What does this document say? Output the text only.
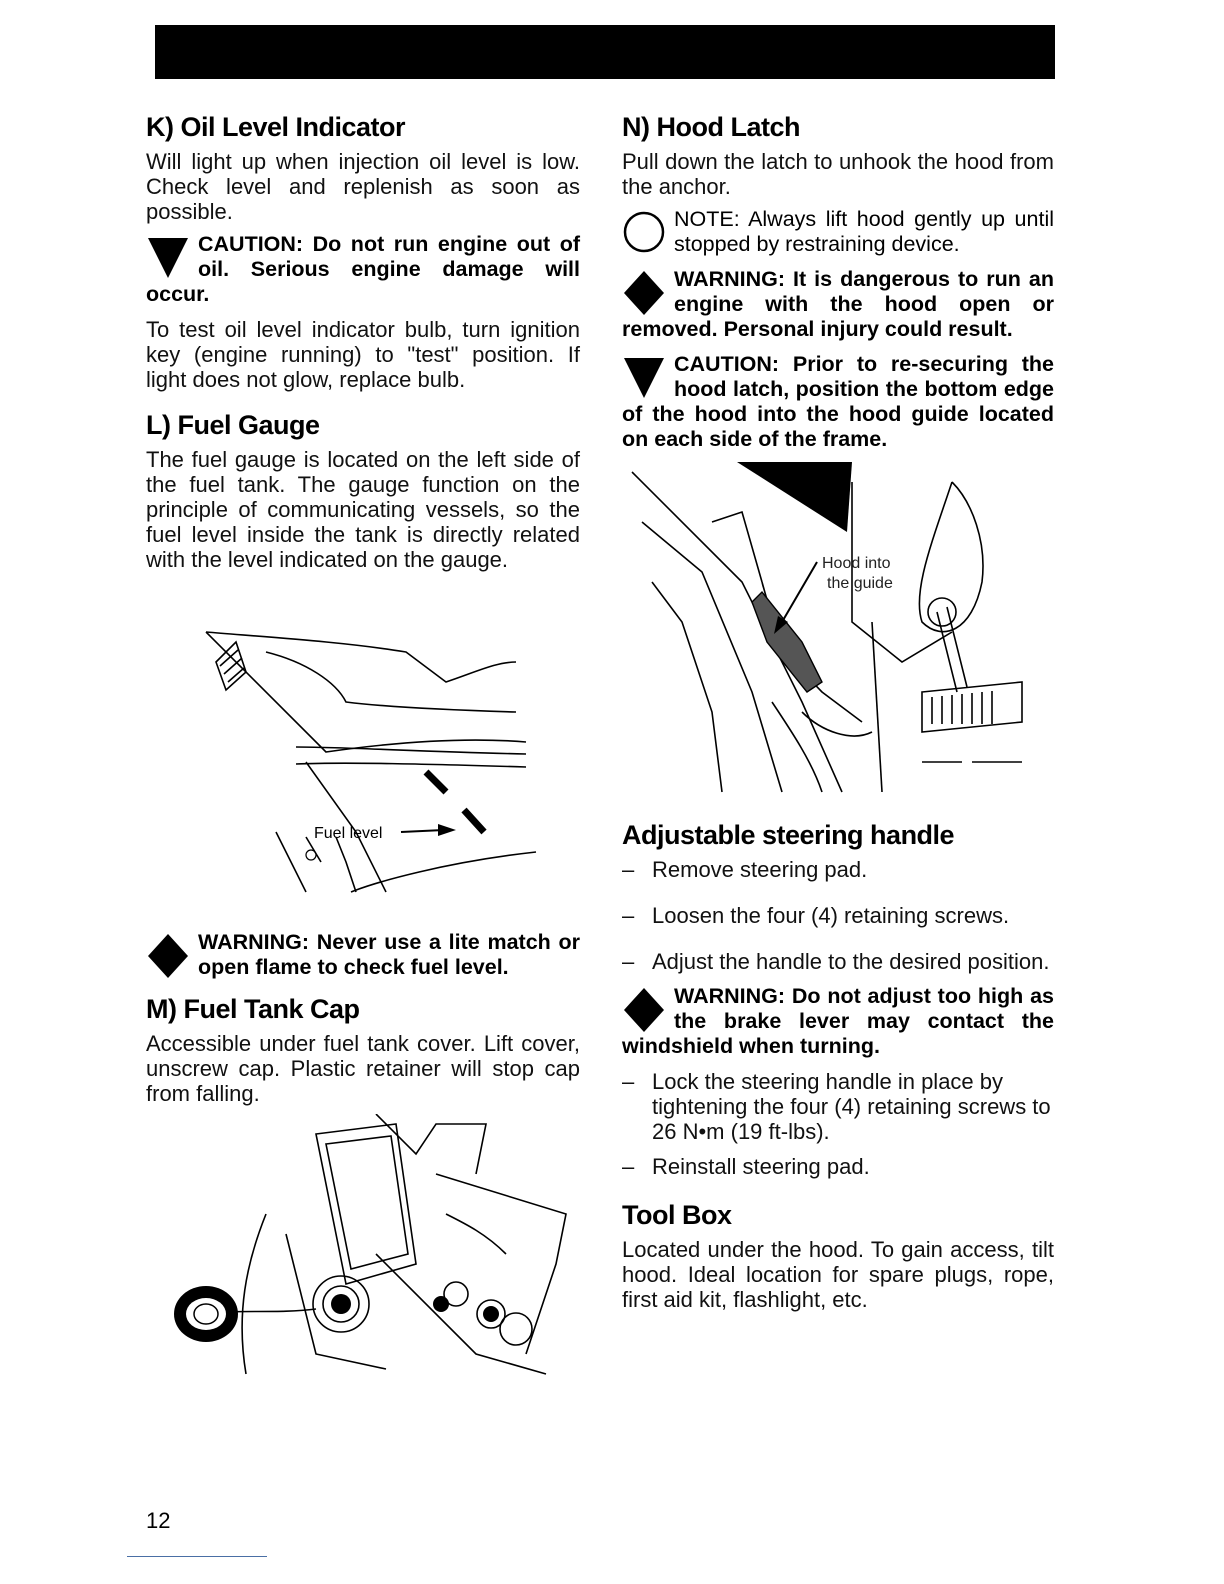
K) Oil Level Indicator

Will light up when injection oil level is low. Check level and replenish as soon as possible.

CAUTION: Do not run engine out of oil. Serious engine damage will occur.

To test oil level indicator bulb, turn ignition key (engine running) to "test" position. If light does not glow, replace bulb.

L) Fuel Gauge

The fuel gauge is located on the left side of the fuel tank. The gauge function on the principle of communicating vessels, so the fuel level inside the tank is directly related with the level indicated on the gauge.

Fuel level
WARNING: Never use a lite match or open flame to check fuel level.
M) Fuel Tank Cap

Accessible under fuel tank cover. Lift cover, unscrew cap. Plastic retainer will stop cap from falling.

N) Hood Latch

Pull down the latch to unhook the hood from the anchor.

NOTE: Always lift hood gently up until stopped by restraining device.
WARNING: It is dangerous to run an engine with the hood open or removed. Personal injury could result.
CAUTION: Prior to re-securing the hood latch, position the bottom edge of the hood into the hood guide located on each side of the frame.
Hood into
the guide
Adjustable steering handle
– Remove steering pad.
– Loosen the four (4) retaining screws.
– Adjust the handle to the desired position.
WARNING: Do not adjust too high as the brake lever may contact the windshield when turning.
– Lock the steering handle in place by tightening the four (4) retaining screws to 26 N•m (19 ft-lbs).
– Reinstall steering pad.
Tool Box

Located under the hood. To gain access, tilt hood. Ideal location for spare plugs, rope, first aid kit, flashlight, etc.

12
